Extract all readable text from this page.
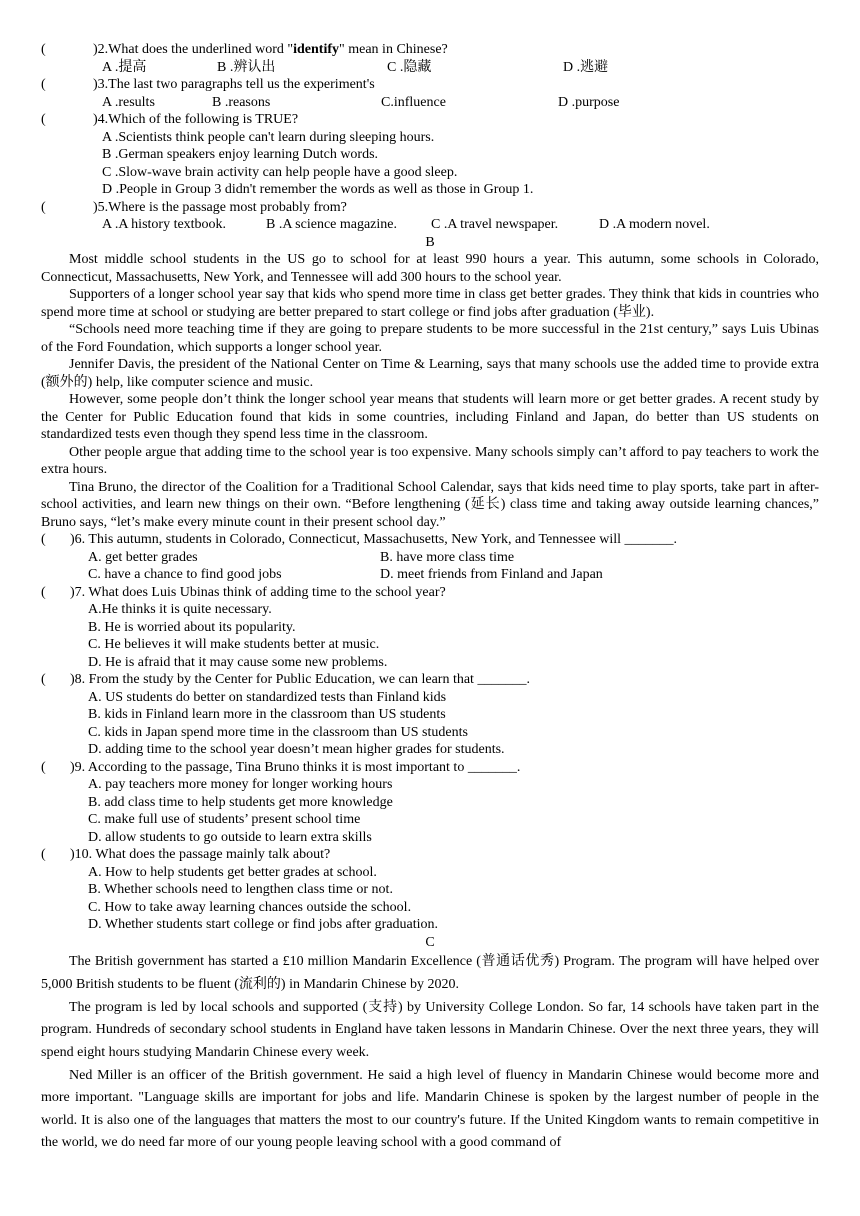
(	)2.What does the underlined word "identify" mean in Chinese?
A .提高	B .辨认出	C .隐藏	D .逃避
(	)3.The last two paragraphs tell us the experiment's
A .results	B .reasons	C.influence	D .purpose
(	)4.Which of the following is TRUE?
A .Scientists think people can't learn during sleeping hours.
B .German speakers enjoy learning Dutch words.
C .Slow-wave brain activity can help people have a good sleep.
D .People in Group 3 didn't remember the words as well as those in Group 1.
(	)5.Where is the passage most probably from?
A .A history textbook.	B .A science magazine. C .A travel newspaper.	D .A modern novel.
B
Most middle school students in the US go to school for at least 990 hours a year. This autumn, some schools in Colorado, Connecticut, Massachusetts, New York, and Tennessee will add 300 hours to the school year.
Supporters of a longer school year say that kids who spend more time in class get better grades. They think that kids in countries who spend more time at school or studying are better prepared to start college or find jobs after graduation (毕业).
“Schools need more teaching time if they are going to prepare students to be more successful in the 21st century,” says Luis Ubinas of the Ford Foundation, which supports a longer school year.
Jennifer Davis, the president of the National Center on Time & Learning, says that many schools use the added time to provide extra (额外的) help, like computer science and music.
However, some people don’t think the longer school year means that students will learn more or get better grades. A recent study by the Center for Public Education found that kids in some countries, including Finland and Japan, do better than US students on standardized tests even though they spend less time in the classroom.
Other people argue that adding time to the school year is too expensive. Many schools simply can’t afford to pay teachers to work the extra hours.
Tina Bruno, the director of the Coalition for a Traditional School Calendar, says that kids need time to play sports, take part in after-school activities, and learn new things on their own. “Before lengthening (延长) class time and taking away outside learning chances,” Bruno says, “let’s make every minute count in their present school day.”
( )6. This autumn, students in Colorado, Connecticut, Massachusetts, New York, and Tennessee will _______.
A. get better grades	B. have more class time
C. have a chance to find good jobs	D. meet friends from Finland and Japan
( )7. What does Luis Ubinas think of adding time to the school year?
A.He thinks it is quite necessary.
B. He is worried about its popularity.
C. He believes it will make students better at music.
D. He is afraid that it may cause some new problems.
( )8. From the study by the Center for Public Education, we can learn that _______.
A. US students do better on standardized tests than Finland kids
B. kids in Finland learn more in the classroom than US students
C. kids in Japan spend more time in the classroom than US students
D. adding time to the school year doesn’t mean higher grades for students.
( )9. According to the passage, Tina Bruno thinks it is most important to _______.
A. pay teachers more money for longer working hours
B. add class time to help students get more knowledge
C. make full use of students’ present school time
D. allow students to go outside to learn extra skills
( )10. What does the passage mainly talk about?
A. How to help students get better grades at school.
B. Whether schools need to lengthen class time or not.
C. How to take away learning chances outside the school.
D. Whether students start college or find jobs after graduation.
C
The British government has started a £10 million Mandarin Excellence (普通话优秀) Program. The program will have helped over 5,000 British students to be fluent (流利的) in Mandarin Chinese by 2020.
The program is led by local schools and supported (支持) by University College London. So far, 14 schools have taken part in the program. Hundreds of secondary school students in England have taken lessons in Mandarin Chinese. Over the next three years, they will spend eight hours studying Mandarin Chinese every week.
Ned Miller is an officer of the British government. He said a high level of fluency in Mandarin Chinese would become more and more important. "Language skills are important for jobs and life. Mandarin Chinese is spoken by the largest number of people in the world. It is also one of the languages that matters the most to our country's future. If the United Kingdom wants to remain competitive in the world, we do need far more of our young people leaving school with a good command of
